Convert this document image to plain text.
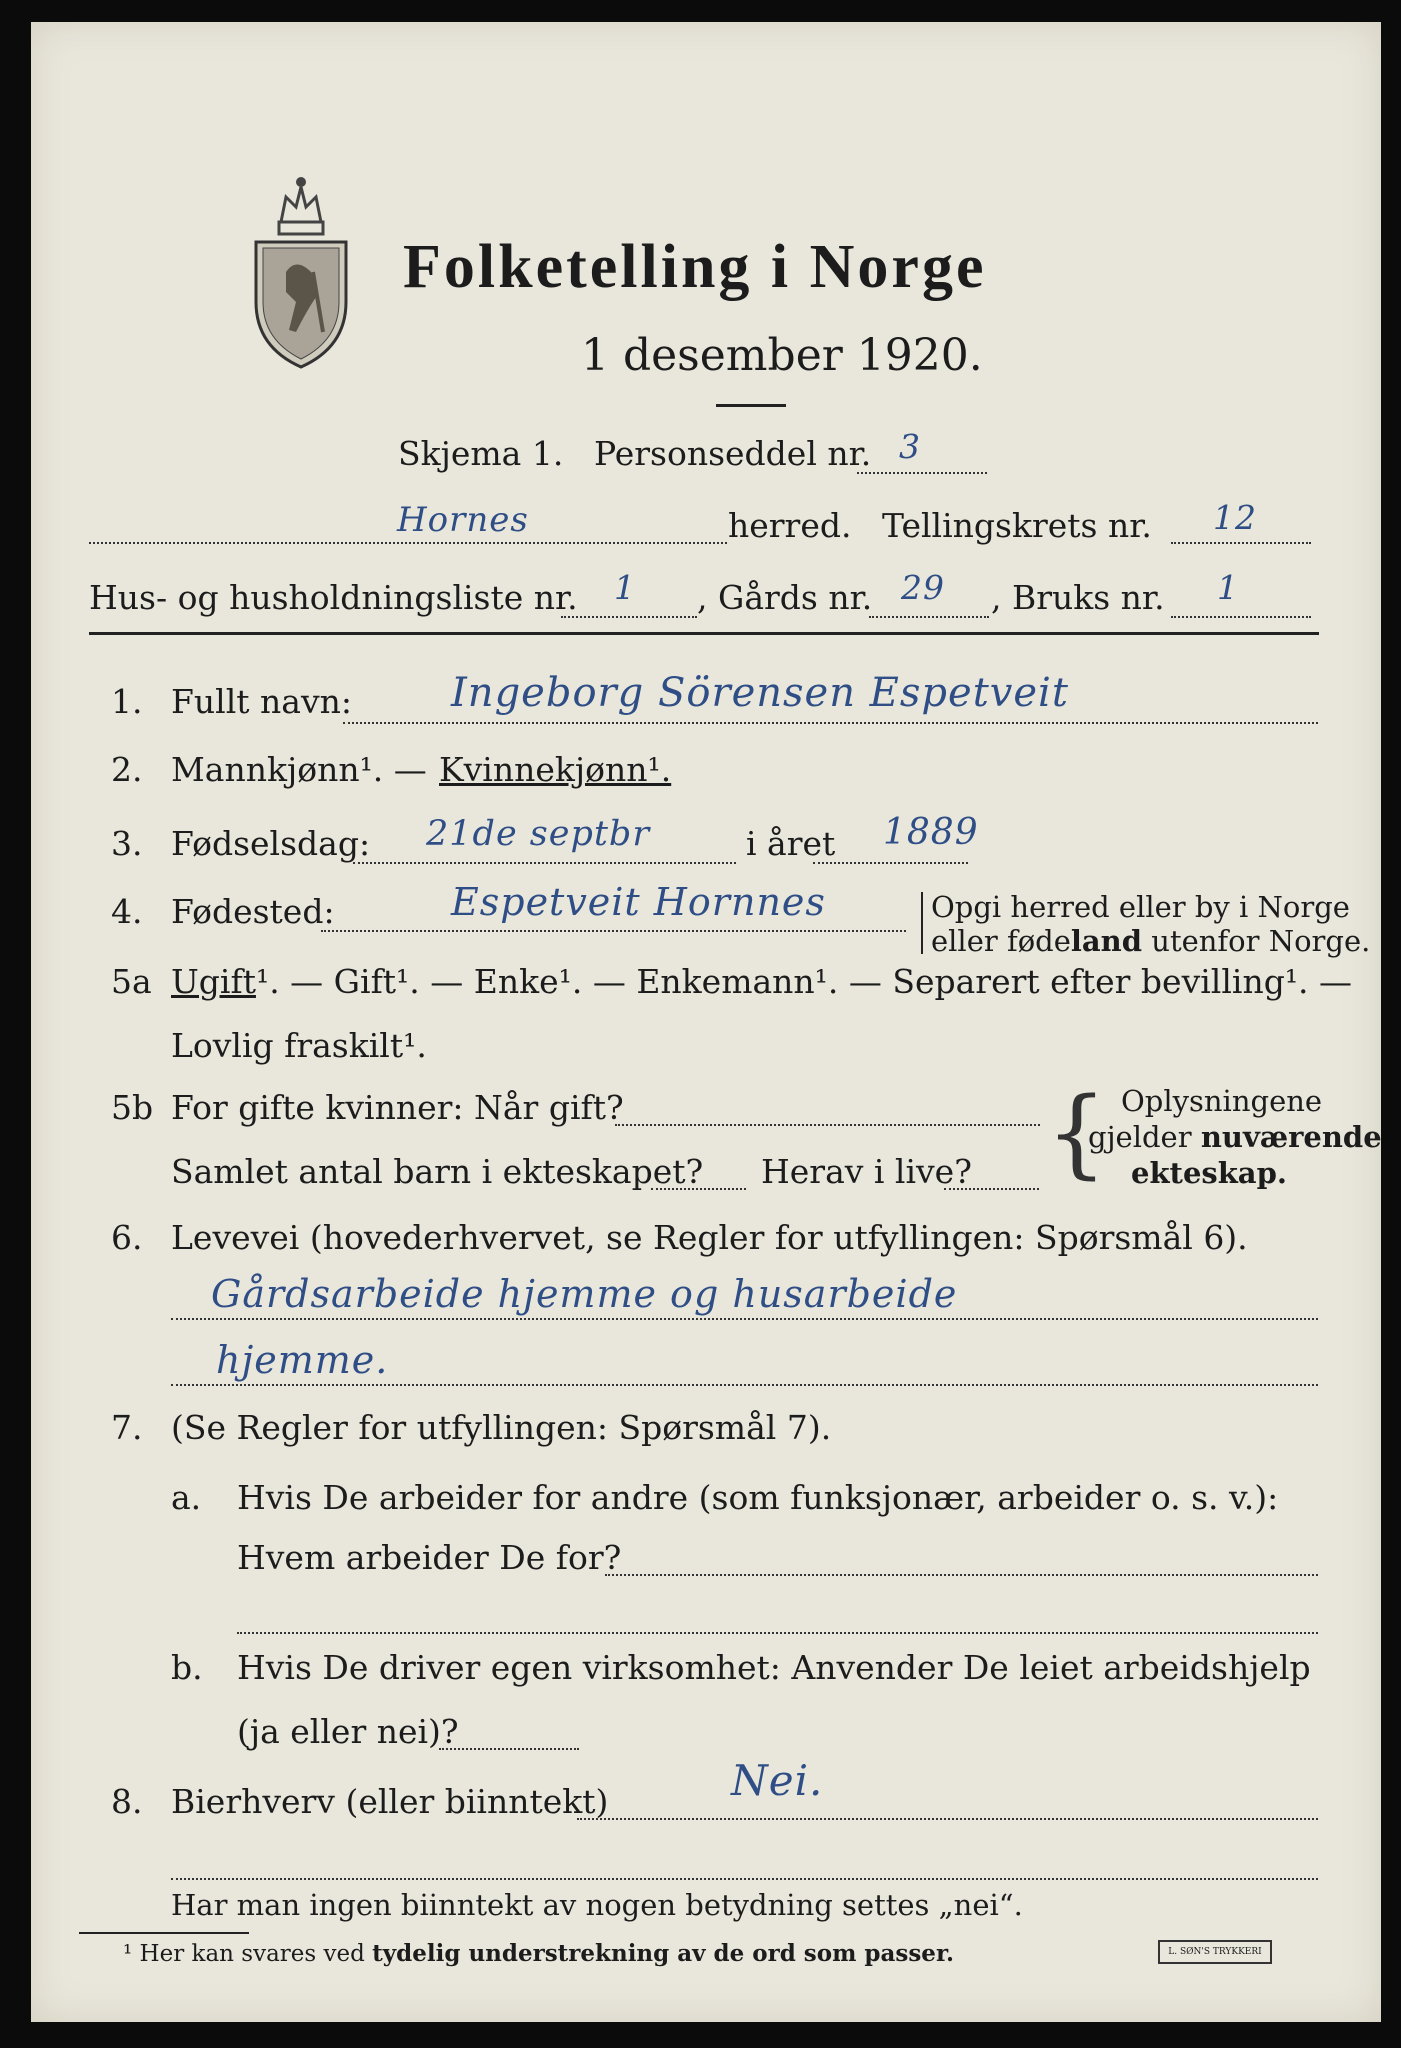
Folketelling i Norge
1 desember 1920.
Skjema 1. Personseddel nr. 3
Hornes	herred. Tellingskrets nr. 12
Hus- og husholdningsliste nr. 1 , Gårds nr. 29 , Bruks nr. 1
1. Fullt navn: Ingeborg Sörensen Espetveit
2. Mannkjønn¹. — Kvinnekjønn¹.
3. Fødselsdag: 21de septbr	i året 1889
4. Fødested:	Espetveit Hornnes	Opgi herred eller by i Norge
eller fødeland utenfor Norge.
5a Ugift¹. — Gift¹. — Enke¹. — Enkemann¹. — Separert efter bevilling¹. —
Lovlig fraskilt¹.
5b For gifte kvinner: Når gift?
Samlet antal barn i ekteskapet? Herav i live? { Oplysningene
gjelder nuværende
ekteskap.
6. Levevei (hovederhvervet, se Regler for utfyllingen: Spørsmål 6).
Gårdsarbeide hjemme og husarbeide
hjemme.
7. (Se Regler for utfyllingen: Spørsmål 7).
a. Hvis De arbeider for andre (som funksjonær, arbeider o. s. v.):
Hvem arbeider De for?
b. Hvis De driver egen virksomhet: Anvender De leiet arbeidshjelp
(ja eller nei)?
8. Bierhverv (eller biinntekt)	Nei.
Har man ingen biinntekt av nogen betydning settes „nei“.
¹ Her kan svares ved tydelig understrekning av de ord som passer.	L. SØN'S TRYKKERI
